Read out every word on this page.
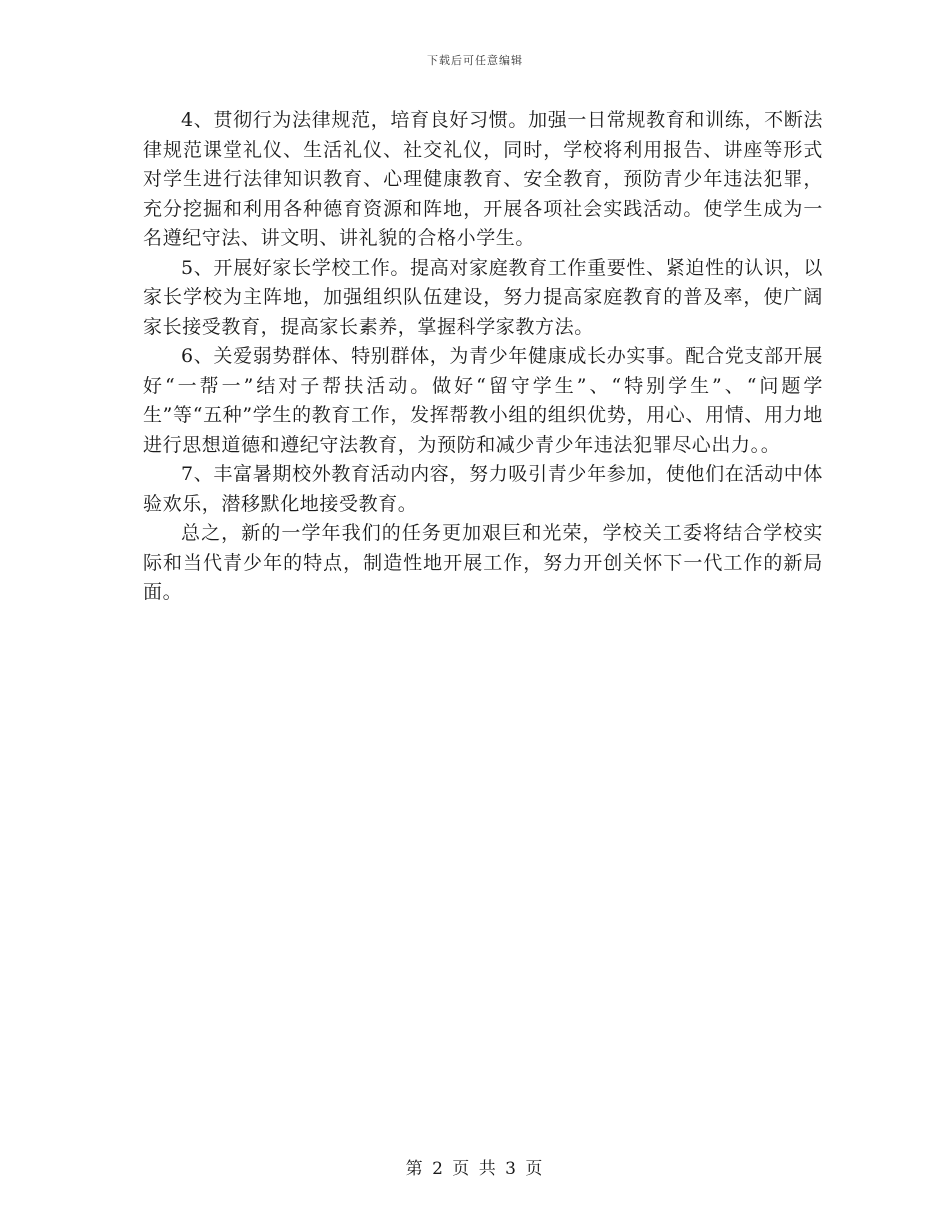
下载后可任意编辑

4、贯彻行为法律规范，培育良好习惯。加强一日常规教育和训练，不断法律规范课堂礼仪、生活礼仪、社交礼仪，同时，学校将利用报告、讲座等形式对学生进行法律知识教育、心理健康教育、安全教育，预防青少年违法犯罪，充分挖掘和利用各种德育资源和阵地，开展各项社会实践活动。使学生成为一名遵纪守法、讲文明、讲礼貌的合格小学生。

5、开展好家长学校工作。提高对家庭教育工作重要性、紧迫性的认识，以家长学校为主阵地，加强组织队伍建设，努力提高家庭教育的普及率，使广阔家长接受教育，提高家长素养，掌握科学家教方法。

6、关爱弱势群体、特别群体，为青少年健康成长办实事。配合党支部开展好“一帮一”结对子帮扶活动。做好“留守学生”、“特别学生”、“问题学生”等“五种”学生的教育工作，发挥帮教小组的组织优势，用心、用情、用力地进行思想道德和遵纪守法教育，为预防和减少青少年违法犯罪尽心出力。。

7、丰富暑期校外教育活动内容，努力吸引青少年参加，使他们在活动中体验欢乐，潜移默化地接受教育。

总之，新的一学年我们的任务更加艰巨和光荣，学校关工委将结合学校实际和当代青少年的特点，制造性地开展工作，努力开创关怀下一代工作的新局面。

第 2 页 共 3 页
